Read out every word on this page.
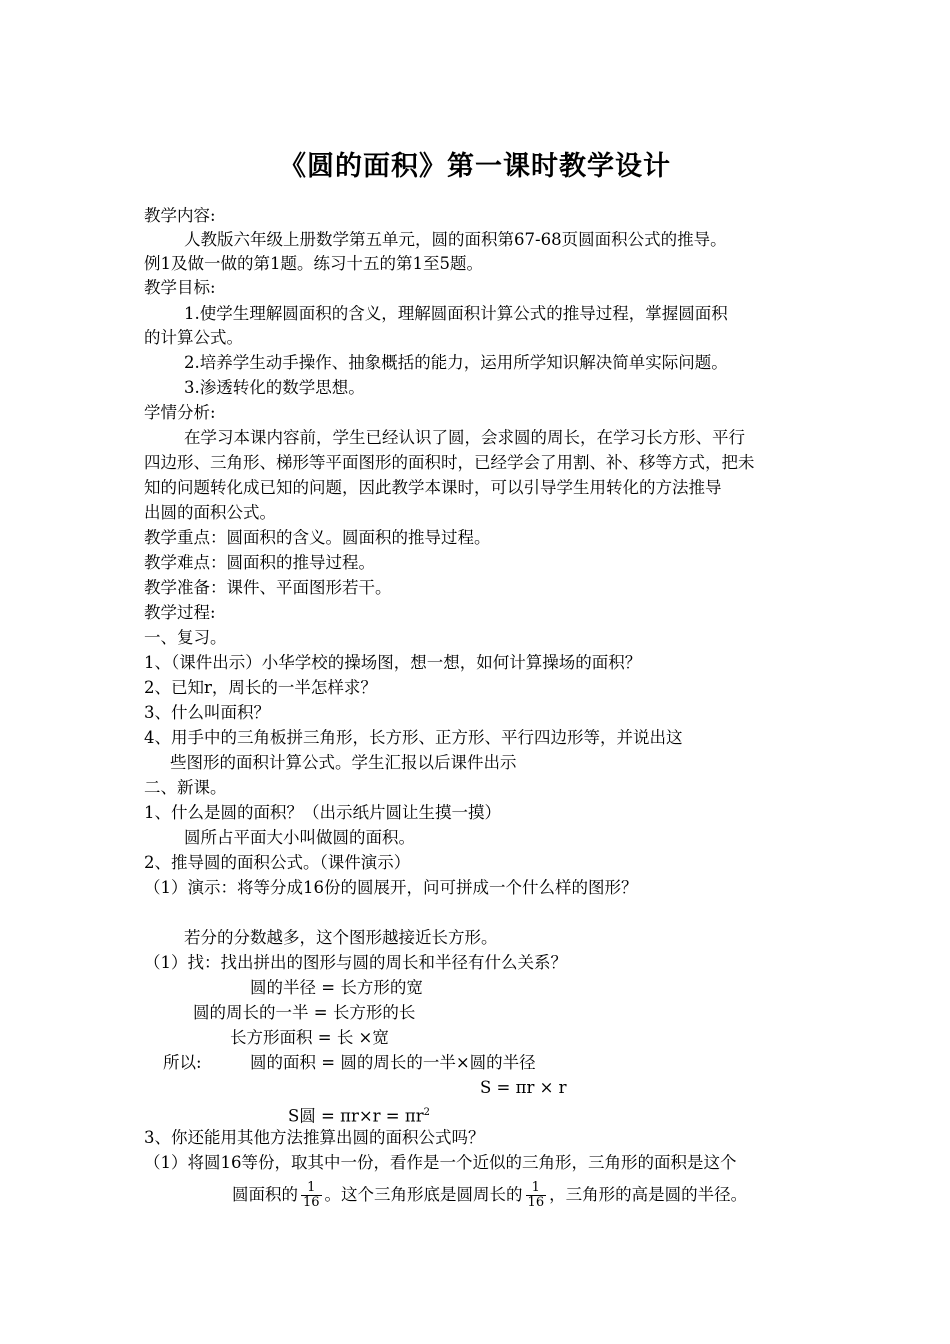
《圆的面积》第一课时教学设计
教学内容:
人教版六年级上册数学第五单元，圆的面积第67-68页圆面积公式的推导。
例1及做一做的第1题。练习十五的第1至5题。
教学目标:
1.使学生理解圆面积的含义，理解圆面积计算公式的推导过程，掌握圆面积
的计算公式。
2.培养学生动手操作、抽象概括的能力，运用所学知识解决简单实际问题。
3.渗透转化的数学思想。
学情分析:
在学习本课内容前，学生已经认识了圆，会求圆的周长，在学习长方形、平行
四边形、三角形、梯形等平面图形的面积时，已经学会了用割、补、移等方式，把未
知的问题转化成已知的问题，因此教学本课时，可以引导学生用转化的方法推导
出圆的面积公式。
教学重点：圆面积的含义。圆面积的推导过程。
教学难点：圆面积的推导过程。
教学准备：课件、平面图形若干。
教学过程:
一、复习。
1、（课件出示）小华学校的操场图，想一想，如何计算操场的面积？
2、已知r，周长的一半怎样求？
3、什么叫面积？
4、用手中的三角板拼三角形，长方形、正方形、平行四边形等，并说出这
些图形的面积计算公式。学生汇报以后课件出示
二、新课。
1、什么是圆的面积？（出示纸片圆让生摸一摸）
圆所占平面大小叫做圆的面积。
2、推导圆的面积公式。（课件演示）
（1）演示：将等分成16份的圆展开，问可拼成一个什么样的图形？
若分的分数越多，这个图形越接近长方形。
（1）找：找出拼出的图形与圆的周长和半径有什么关系？
圆的半径 = 长方形的宽
圆的周长的一半 = 长方形的长
长方形面积 = 长 ×宽
所以:	圆的面积 = 圆的周长的一半×圆的半径
S = πr × r
S圆 = $\pi r\times r = \pi r^2$
3、你还能用其他方法推算出圆的面积公式吗？
（1）将圆16等份，取其中一份，看作是一个近似的三角形，三角形的面积是这个
圆面积的 $\frac{1}{16}$ 。这个三角形底是圆周长的 $\frac{1}{16}$ ，三角形的高是圆的半径。
